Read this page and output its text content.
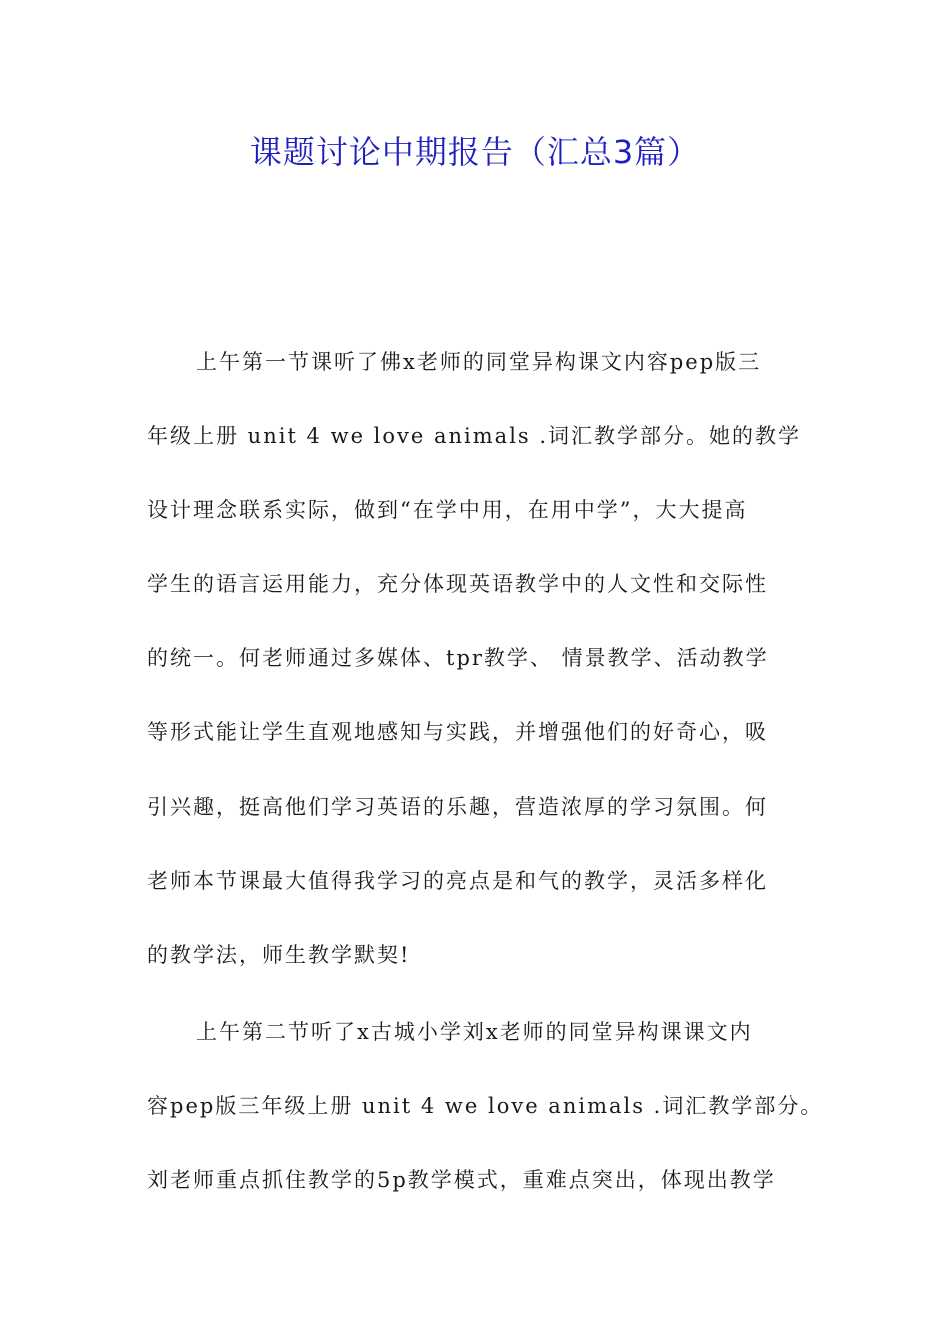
课题讨论中期报告（汇总3篇）
上午第一节课听了佛x老师的同堂异构课文内容pep版三
年级上册 unit 4 we love animals .词汇教学部分。她的教学
设计理念联系实际，做到“在学中用，在用中学”，大大提高
学生的语言运用能力，充分体现英语教学中的人文性和交际性
的统一。何老师通过多媒体、tpr教学、 情景教学、活动教学
等形式能让学生直观地感知与实践，并增强他们的好奇心，吸
引兴趣，挺高他们学习英语的乐趣，营造浓厚的学习氛围。何
老师本节课最大值得我学习的亮点是和气的教学，灵活多样化
的教学法，师生教学默契!
上午第二节听了x古城小学刘x老师的同堂异构课课文内
容pep版三年级上册 unit 4 we love animals .词汇教学部分。
刘老师重点抓住教学的5p教学模式，重难点突出，体现出教学
